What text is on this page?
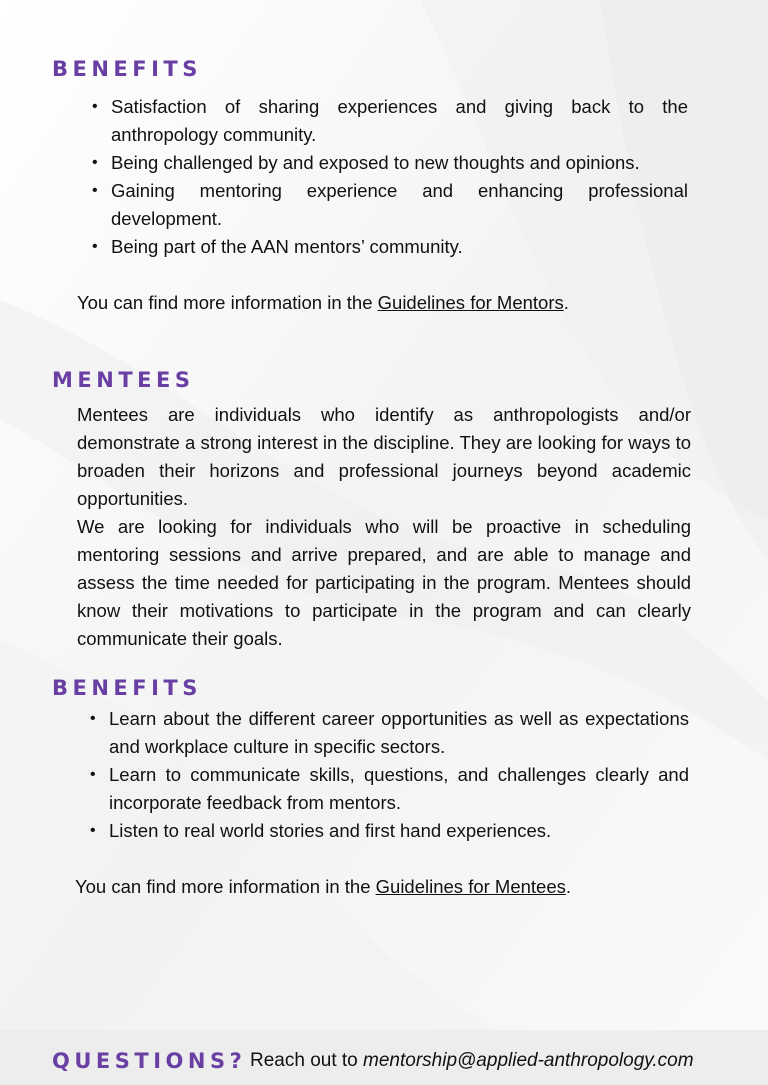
BENEFITS
• Satisfaction of sharing experiences and giving back to the anthropology community.
• Being challenged by and exposed to new thoughts and opinions.
• Gaining mentoring experience and enhancing professional development.
• Being part of the AAN mentors’ community.

You can find more information in the Guidelines for Mentors.

MENTEES

Mentees are individuals who identify as anthropologists and/or demonstrate a strong interest in the discipline. They are looking for ways to broaden their horizons and professional journeys beyond academic opportunities.

We are looking for individuals who will be proactive in scheduling mentoring sessions and arrive prepared, and are able to manage and assess the time needed for participating in the program. Mentees should know their motivations to participate in the program and can clearly communicate their goals.

BENEFITS
• Learn about the different career opportunities as well as expectations and workplace culture in specific sectors.
• Learn to communicate skills, questions, and challenges clearly and incorporate feedback from mentors.
• Listen to real world stories and first hand experiences.

You can find more information in the Guidelines for Mentees.

QUESTIONS? Reach out to mentorship@applied-anthropology.com
